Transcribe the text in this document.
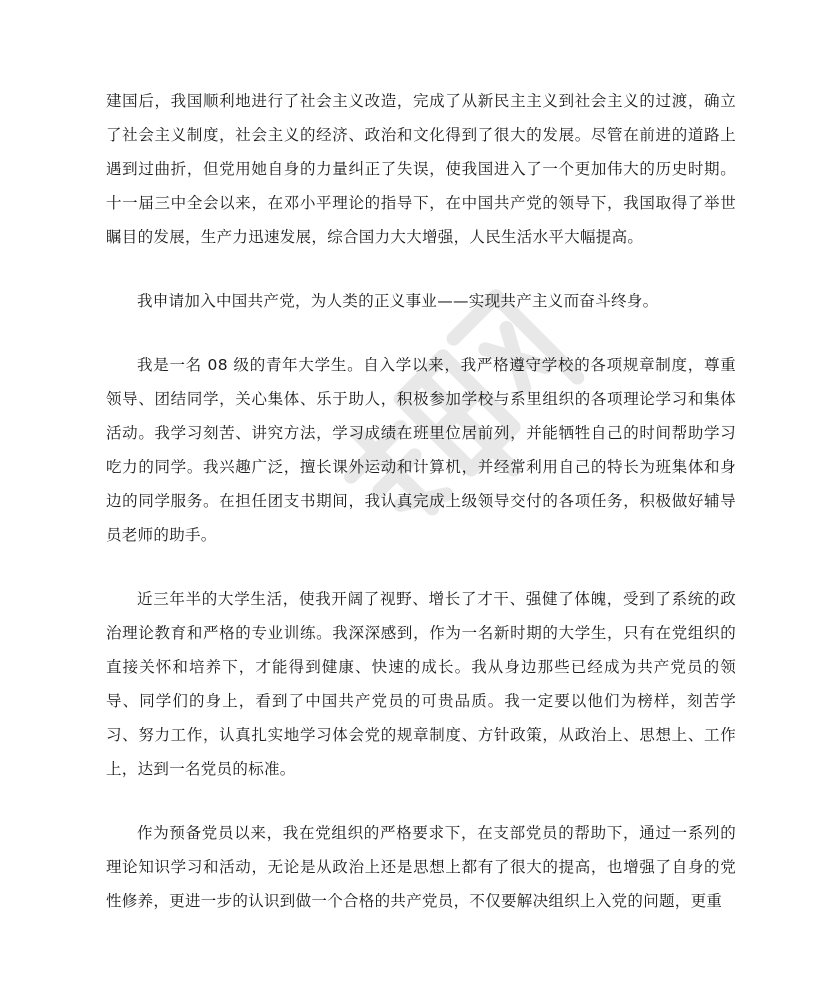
建国后，我国顺利地进行了社会主义改造，完成了从新民主主义到社会主义的过渡，确立了社会主义制度，社会主义的经济、政治和文化得到了很大的发展。尽管在前进的道路上遇到过曲折，但党用她自身的力量纠正了失误，使我国进入了一个更加伟大的历史时期。十一届三中全会以来，在邓小平理论的指导下，在中国共产党的领导下，我国取得了举世瞩目的发展，生产力迅速发展，综合国力大大增强，人民生活水平大幅提高。

我申请加入中国共产党，为人类的正义事业——实现共产主义而奋斗终身。

我是一名 08 级的青年大学生。自入学以来，我严格遵守学校的各项规章制度，尊重领导、团结同学，关心集体、乐于助人，积极参加学校与系里组织的各项理论学习和集体活动。我学习刻苦、讲究方法，学习成绩在班里位居前列，并能牺牲自己的时间帮助学习吃力的同学。我兴趣广泛，擅长课外运动和计算机，并经常利用自己的特长为班集体和身边的同学服务。在担任团支书期间，我认真完成上级领导交付的各项任务，积极做好辅导员老师的助手。

近三年半的大学生活，使我开阔了视野、增长了才干、强健了体魄，受到了系统的政治理论教育和严格的专业训练。我深深感到，作为一名新时期的大学生，只有在党组织的直接关怀和培养下，才能得到健康、快速的成长。我从身边那些已经成为共产党员的领导、同学们的身上，看到了中国共产党员的可贵品质。我一定要以他们为榜样，刻苦学习、努力工作，认真扎实地学习体会党的规章制度、方针政策，从政治上、思想上、工作上，达到一名党员的标准。

作为预备党员以来，我在党组织的严格要求下，在支部党员的帮助下，通过一系列的理论知识学习和活动，无论是从政治上还是思想上都有了很大的提高，也增强了自身的党性修养，更进一步的认识到做一个合格的共产党员，不仅要解决组织上入党的问题，更重
